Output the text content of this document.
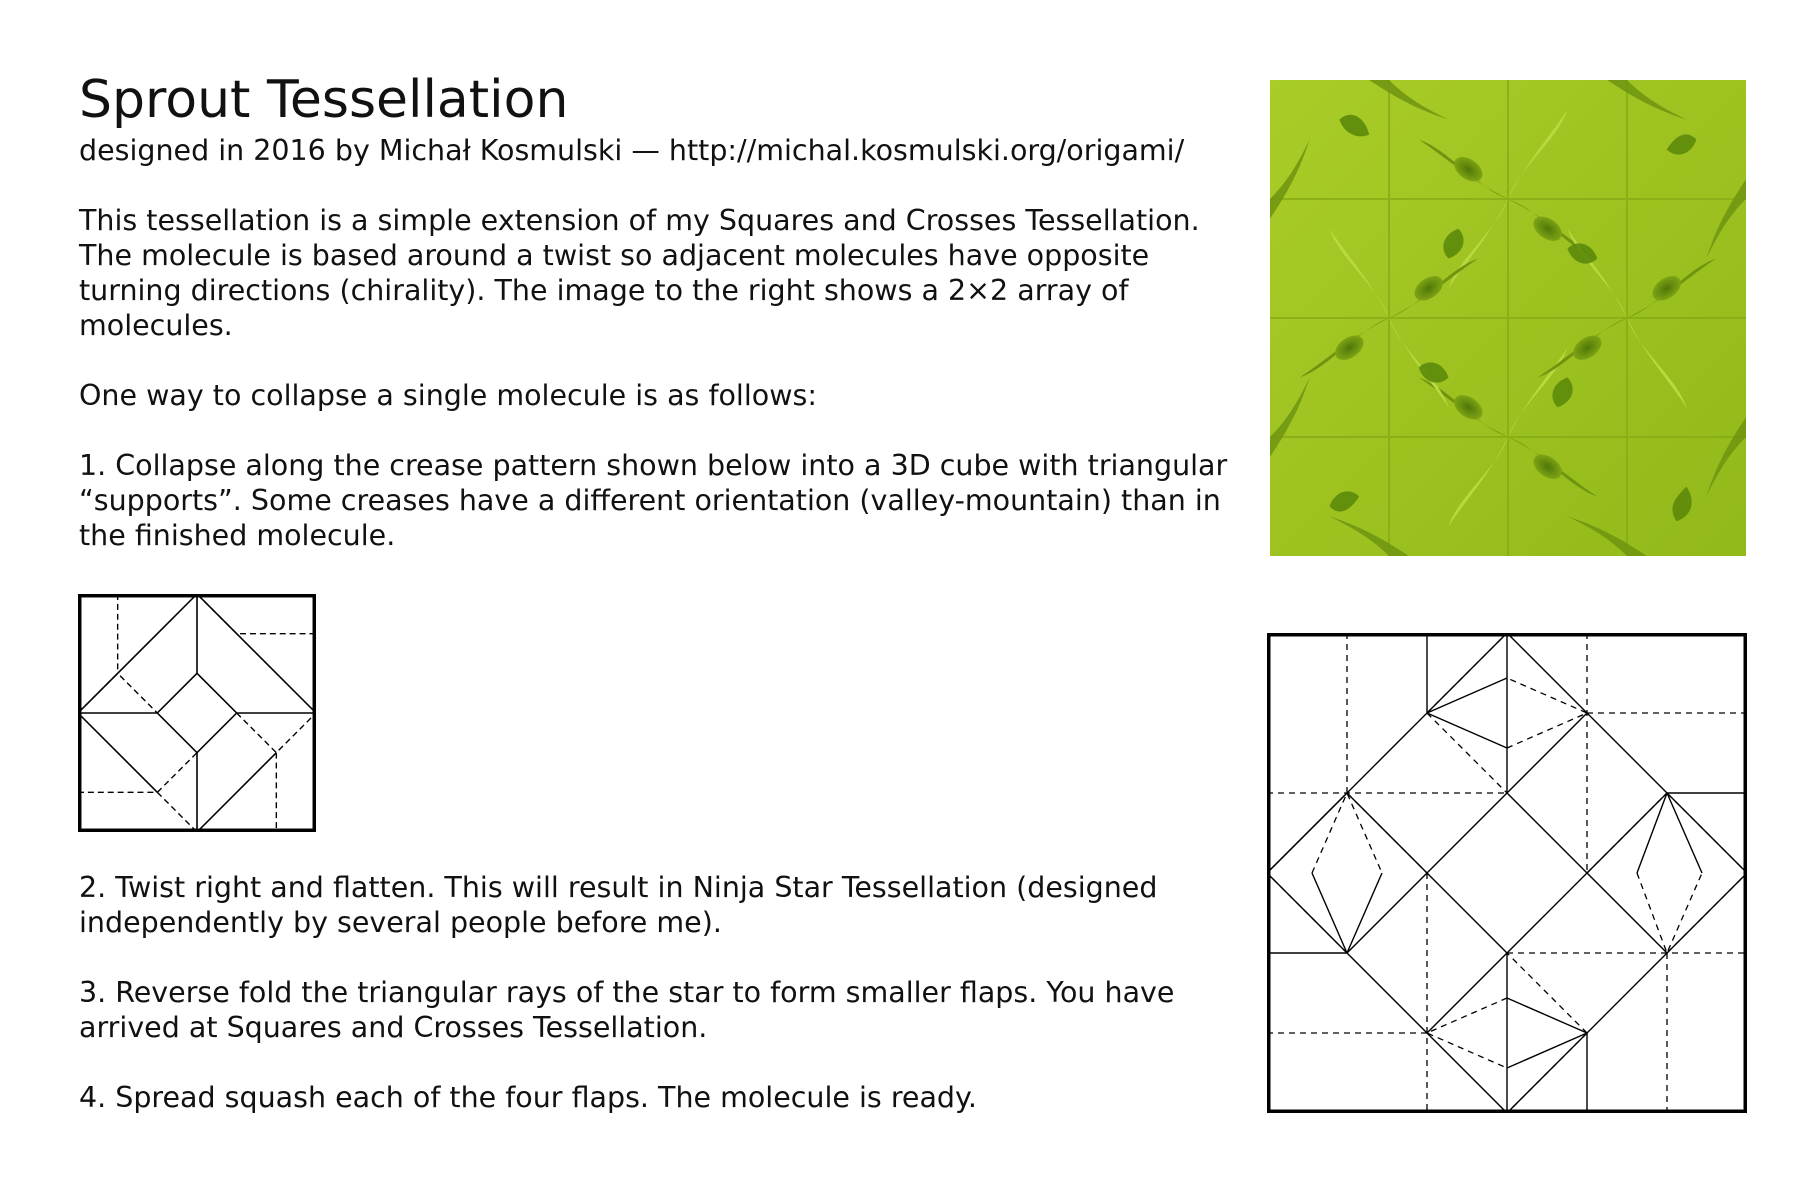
Sprout Tessellation
designed in 2016 by Michał Kosmulski — http://michal.kosmulski.org/origami/

This tessellation is a simple extension of my Squares and Crosses Tessellation. The molecule is based around a twist so adjacent molecules have opposite turning directions (chirality). The image to the right shows a 2×2 array of molecules.

One way to collapse a single molecule is as follows:

1. Collapse along the crease pattern shown below into a 3D cube with triangular “supports”. Some creases have a different orientation (valley-mountain) than in the finished molecule.

2. Twist right and flatten. This will result in Ninja Star Tessellation (designed independently by several people before me).

3. Reverse fold the triangular rays of the star to form smaller flaps. You have arrived at Squares and Crosses Tessellation.

4. Spread squash each of the four flaps. The molecule is ready.
